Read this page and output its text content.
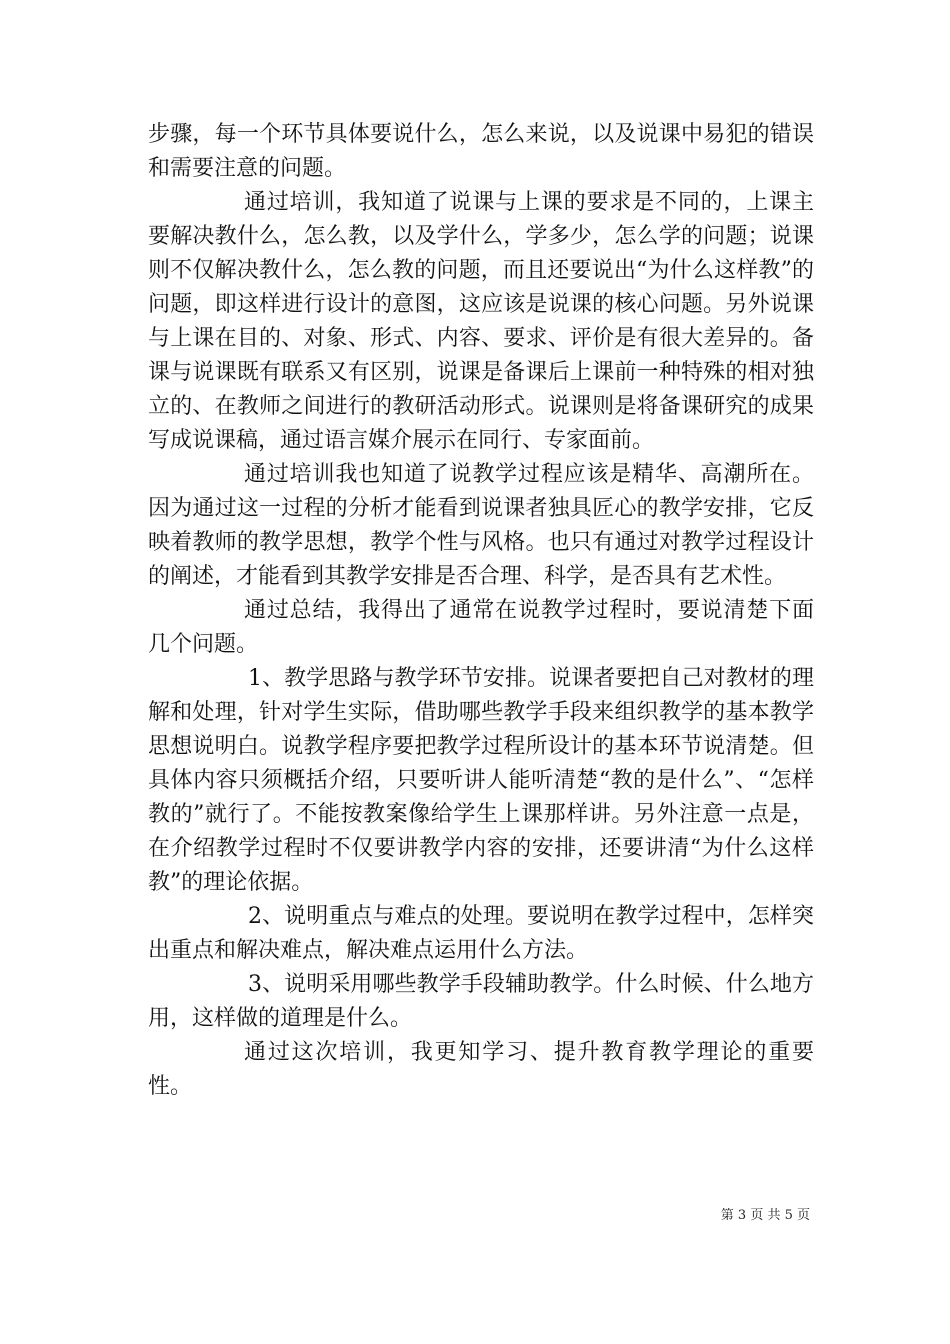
步骤，每一个环节具体要说什么，怎么来说，以及说课中易犯的错误和需要注意的问题。

通过培训，我知道了说课与上课的要求是不同的，上课主要解决教什么，怎么教，以及学什么，学多少，怎么学的问题；说课则不仅解决教什么，怎么教的问题，而且还要说出“为什么这样教”的问题，即这样进行设计的意图，这应该是说课的核心问题。另外说课与上课在目的、对象、形式、内容、要求、评价是有很大差异的。备课与说课既有联系又有区别，说课是备课后上课前一种特殊的相对独立的、在教师之间进行的教研活动形式。说课则是将备课研究的成果写成说课稿，通过语言媒介展示在同行、专家面前。

通过培训我也知道了说教学过程应该是精华、高潮所在。因为通过这一过程的分析才能看到说课者独具匠心的教学安排，它反映着教师的教学思想，教学个性与风格。也只有通过对教学过程设计的阐述，才能看到其教学安排是否合理、科学，是否具有艺术性。

通过总结，我得出了通常在说教学过程时，要说清楚下面几个问题。

1、教学思路与教学环节安排。说课者要把自己对教材的理解和处理，针对学生实际，借助哪些教学手段来组织教学的基本教学思想说明白。说教学程序要把教学过程所设计的基本环节说清楚。但具体内容只须概括介绍，只要听讲人能听清楚“教的是什么”、“怎样教的”就行了。不能按教案像给学生上课那样讲。另外注意一点是，在介绍教学过程时不仅要讲教学内容的安排，还要讲清“为什么这样教”的理论依据。

2、说明重点与难点的处理。要说明在教学过程中，怎样突出重点和解决难点，解决难点运用什么方法。

3、说明采用哪些教学手段辅助教学。什么时候、什么地方用，这样做的道理是什么。

通过这次培训，我更知学习、提升教育教学理论的重要性。

第 3 页 共 5 页
